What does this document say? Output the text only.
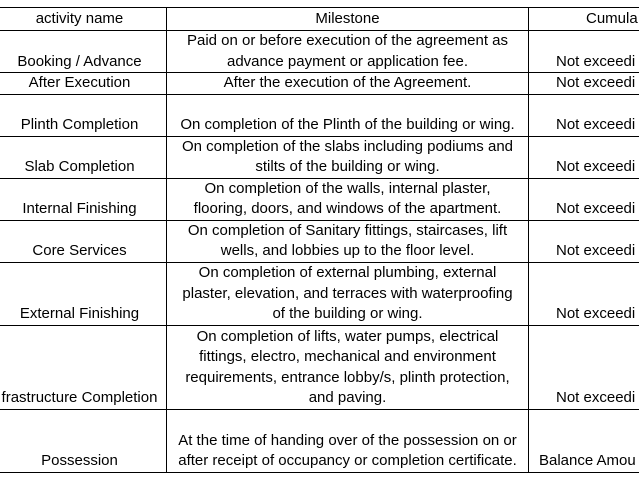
activity name	Milestone	Cumula
Booking / Advance	Paid on or before execution of the agreement as
advance payment or application fee.	Not exceedi
After Execution	After the execution of the Agreement.	Not exceedi
Plinth Completion	On completion of the Plinth of the building or wing.	Not exceedi
Slab Completion	On completion of the slabs including podiums and
stilts of the building or wing.	Not exceedi
Internal Finishing	On completion of the walls, internal plaster,
flooring, doors, and windows of the apartment.	Not exceedi
Core Services	On completion of Sanitary fittings, staircases, lift
wells, and lobbies up to the floor level.	Not exceedi
External Finishing	On completion of external plumbing, external
plaster, elevation, and terraces with waterproofing
of the building or wing.	Not exceedi
frastructure Completion	On completion of lifts, water pumps, electrical
fittings, electro, mechanical and environment
requirements, entrance lobby/s, plinth protection,
and paving.	Not exceedi
Possession	At the time of handing over of the possession on or
after receipt of occupancy or completion certificate.	Balance Amou
